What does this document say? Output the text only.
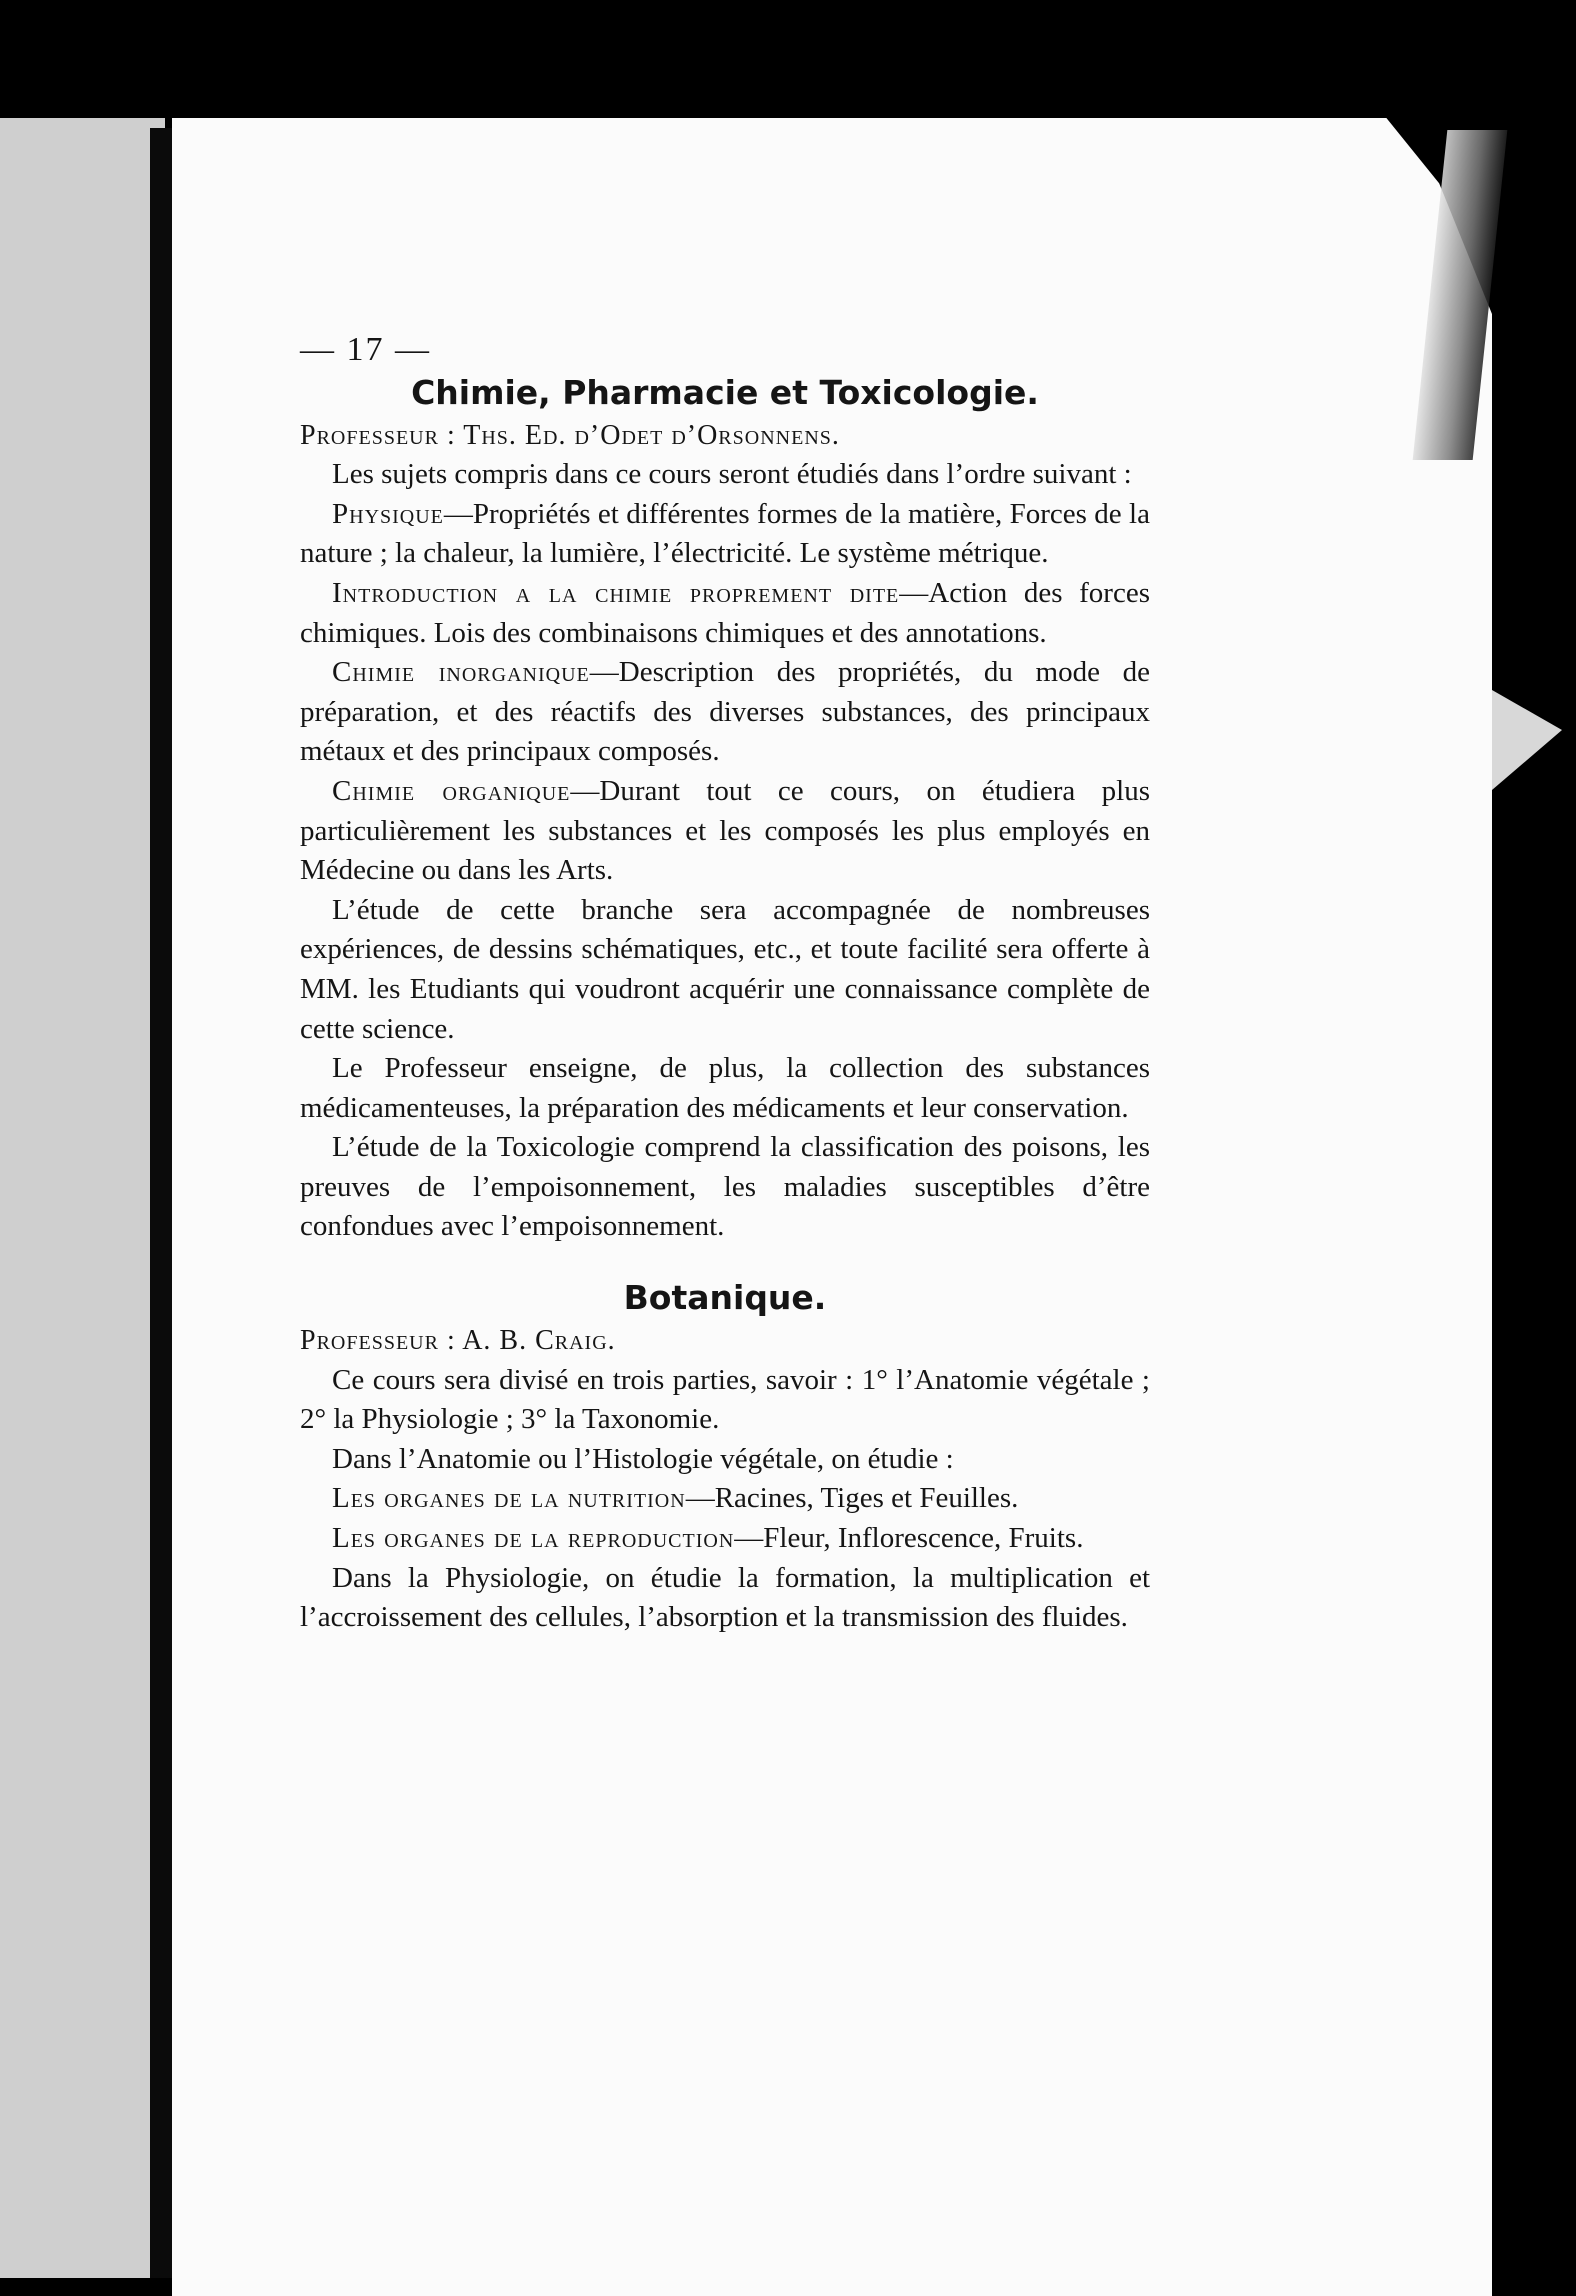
— 17 —

Chimie, Pharmacie et Toxicologie.

Professeur : Ths. Ed. d’Odet d’Orsonnens.

Les sujets compris dans ce cours seront étudiés dans l’ordre suivant :

Physique—Propriétés et différentes formes de la matière, Forces de la nature ; la chaleur, la lumière, l’électricité. Le système métrique.

Introduction a la chimie proprement dite—Action des forces chimiques. Lois des combinaisons chimiques et des annotations.

Chimie inorganique—Description des propriétés, du mode de préparation, et des réactifs des diverses substances, des principaux métaux et des principaux composés.

Chimie organique—Durant tout ce cours, on étudiera plus particulièrement les substances et les composés les plus employés en Médecine ou dans les Arts.

L’étude de cette branche sera accompagnée de nombreuses expériences, de dessins schématiques, etc., et toute facilité sera offerte à MM. les Etudiants qui voudront acquérir une connaissance complète de cette science.

Le Professeur enseigne, de plus, la collection des substances médicamenteuses, la préparation des médicaments et leur conservation.

L’étude de la Toxicologie comprend la classification des poisons, les preuves de l’empoisonnement, les maladies susceptibles d’être confondues avec l’empoisonnement.

Botanique.

Professeur : A. B. Craig.

Ce cours sera divisé en trois parties, savoir : 1° l’Anatomie végétale ; 2° la Physiologie ; 3° la Taxonomie.

Dans l’Anatomie ou l’Histologie végétale, on étudie :

Les organes de la nutrition—Racines, Tiges et Feuilles.

Les organes de la reproduction—Fleur, Inflorescence, Fruits.

Dans la Physiologie, on étudie la formation, la multiplication et l’accroissement des cellules, l’absorption et la transmission des fluides.
